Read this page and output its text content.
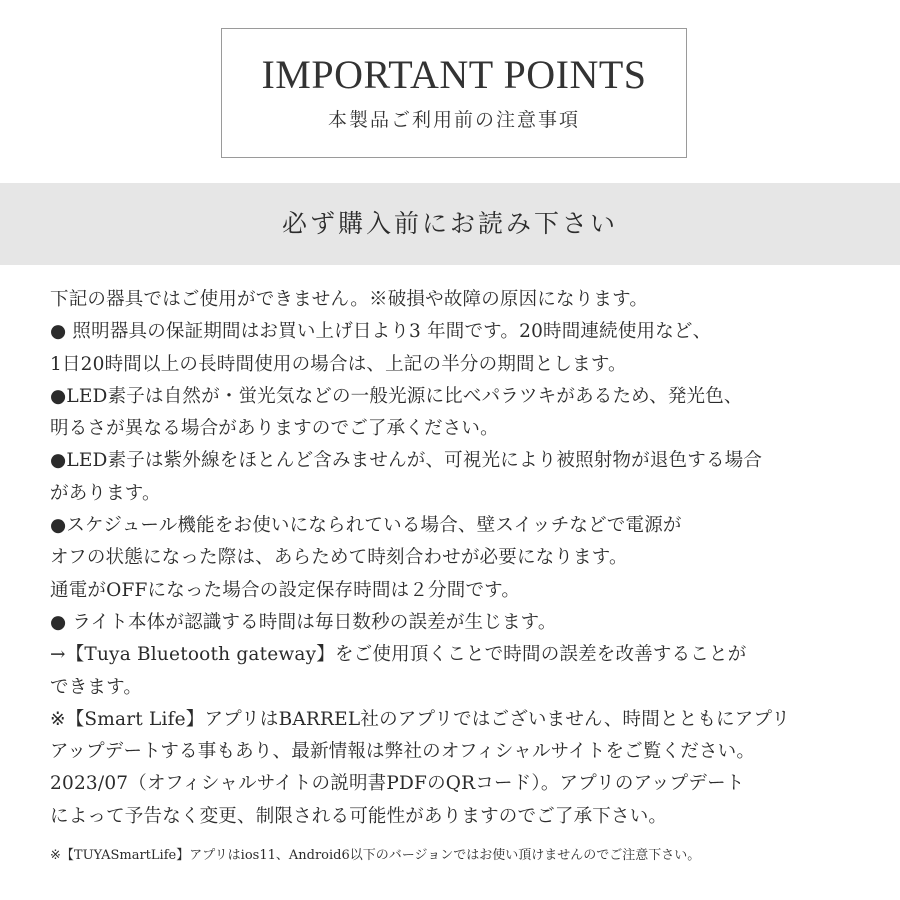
IMPORTANT POINTS
本製品ご利用前の注意事項
必ず購入前にお読み下さい
下記の器具ではご使用ができません。※破損や故障の原因になります。
● 照明器具の保証期間はお買い上げ日より3 年間です。20時間連続使用など、
1日20時間以上の長時間使用の場合は、上記の半分の期間とします。
●LED素子は自然が・蛍光気などの一般光源に比べパラツキがあるため、発光色、
明るさが異なる場合がありますのでご了承ください。
●LED素子は紫外線をほとんど含みませんが、可視光により被照射物が退色する場合
があります。
●スケジュール機能をお使いになられている場合、壁スイッチなどで電源が
オフの状態になった際は、あらためて時刻合わせが必要になります。
通電がOFFになった場合の設定保存時間は２分間です。
● ライト本体が認識する時間は毎日数秒の誤差が生じます。
→【Tuya Bluetooth gateway】をご使用頂くことで時間の誤差を改善することが
できます。
※【Smart Life】アプリはBARREL社のアプリではございません、時間とともにアプリ
アップデートする事もあり、最新情報は弊社のオフィシャルサイトをご覧ください。
2023/07（オフィシャルサイトの説明書PDFのQRコード）。アプリのアップデート
によって予告なく変更、制限される可能性がありますのでご了承下さい。
※【TUYASmartLife】アプリはios11、Android6以下のバージョンではお使い頂けませんのでご注意下さい。
